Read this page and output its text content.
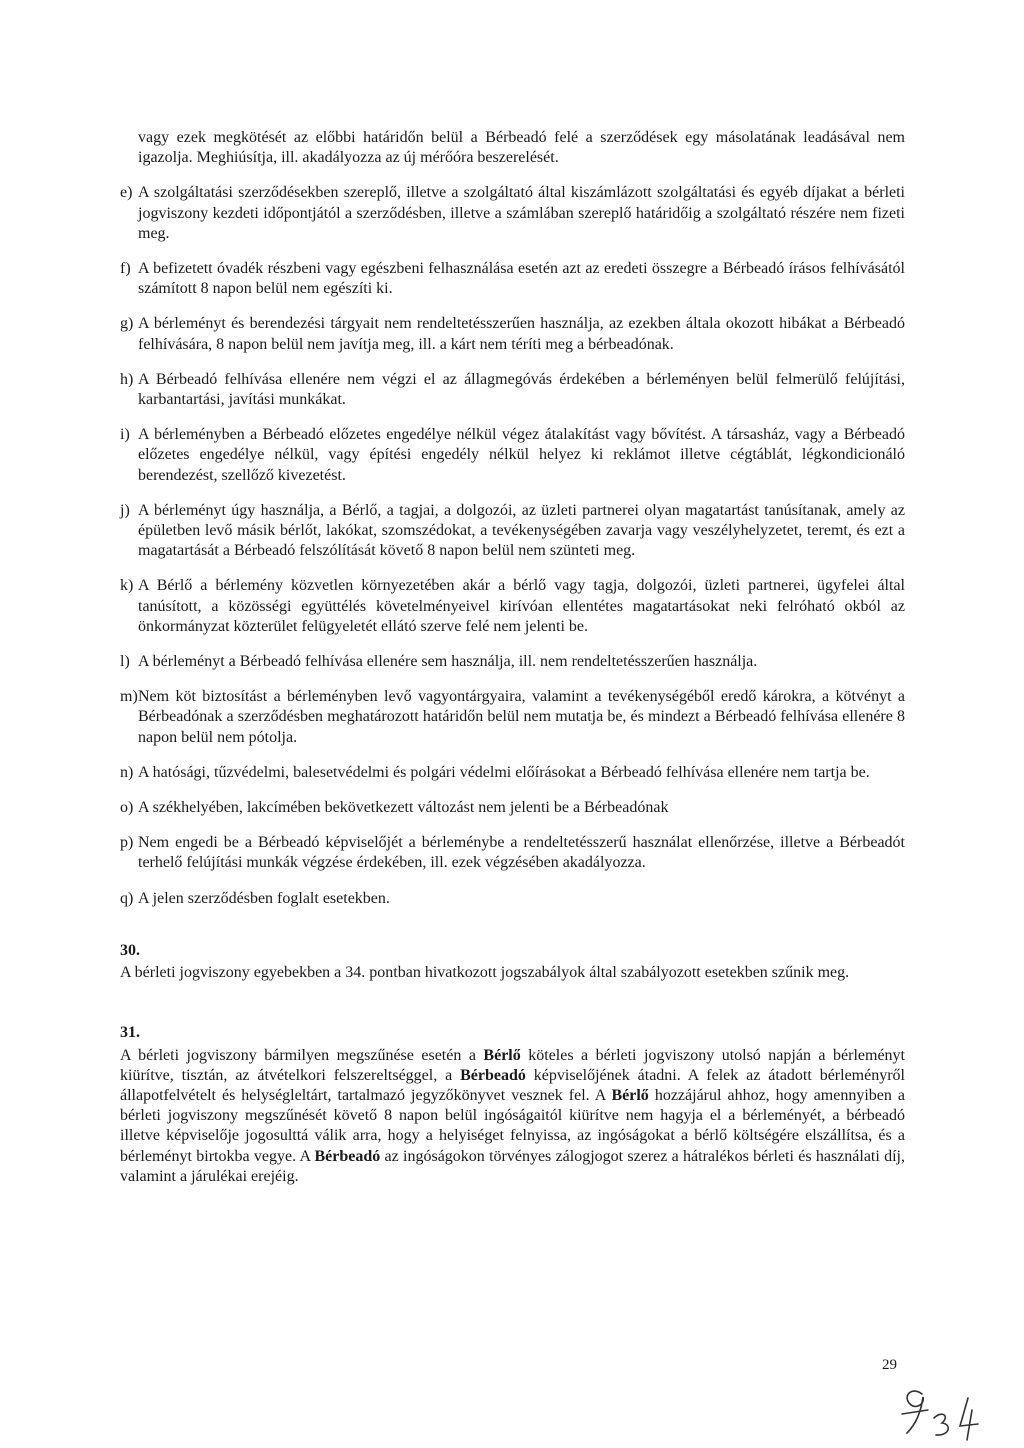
vagy ezek megkötését az előbbi határidőn belül a Bérbeadó felé a szerződések egy másolatának leadásával nem igazolja. Meghiúsítja, ill. akadályozza az új mérőóra beszerelését.

e) A szolgáltatási szerződésekben szereplő, illetve a szolgáltató által kiszámlázott szolgáltatási és egyéb díjakat a bérleti jogviszony kezdeti időpontjától a szerződésben, illetve a számlában szereplő határidőig a szolgáltató részére nem fizeti meg.
f) A befizetett óvadék részbeni vagy egészbeni felhasználása esetén azt az eredeti összegre a Bérbeadó írásos felhívásától számított 8 napon belül nem egészíti ki.
g) A bérleményt és berendezési tárgyait nem rendeltetésszerűen használja, az ezekben általa okozott hibákat a Bérbeadó felhívására, 8 napon belül nem javítja meg, ill. a kárt nem téríti meg a bérbeadónak.
h) A Bérbeadó felhívása ellenére nem végzi el az állagmegóvás érdekében a bérleményen belül felmerülő felújítási, karbantartási, javítási munkákat.
i) A bérleményben a Bérbeadó előzetes engedélye nélkül végez átalakítást vagy bővítést. A társasház, vagy a Bérbeadó előzetes engedélye nélkül, vagy építési engedély nélkül helyez ki reklámot illetve cégtáblát, légkondicionáló berendezést, szellőző kivezetést.
j) A bérleményt úgy használja, a Bérlő, a tagjai, a dolgozói, az üzleti partnerei olyan magatartást tanúsítanak, amely az épületben levő másik bérlőt, lakókat, szomszédokat, a tevékenységében zavarja vagy veszélyhelyzetet, teremt, és ezt a magatartását a Bérbeadó felszólítását követő 8 napon belül nem szünteti meg.
k) A Bérlő a bérlemény közvetlen környezetében akár a bérlő vagy tagja, dolgozói, üzleti partnerei, ügyfelei által tanúsított, a közösségi együttélés követelményeivel kirívóan ellentétes magatartásokat neki felróható okból az önkormányzat közterület felügyeletét ellátó szerve felé nem jelenti be.
l) A bérleményt a Bérbeadó felhívása ellenére sem használja, ill. nem rendeltetésszerűen használja.
m) Nem köt biztosítást a bérleményben levő vagyontárgyaira, valamint a tevékenységéből eredő károkra, a kötvényt a Bérbeadónak a szerződésben meghatározott határidőn belül nem mutatja be, és mindezt a Bérbeadó felhívása ellenére 8 napon belül nem pótolja.
n) A hatósági, tűzvédelmi, balesetvédelmi és polgári védelmi előírásokat a Bérbeadó felhívása ellenére nem tartja be.
o) A székhelyében, lakcímében bekövetkezett változást nem jelenti be a Bérbeadónak
p) Nem engedi be a Bérbeadó képviselőjét a bérleménybe a rendeltetésszerű használat ellenőrzése, illetve a Bérbeadót terhelő felújítási munkák végzése érdekében, ill. ezek végzésében akadályozza.
q) A jelen szerződésben foglalt esetekben.
30.

A bérleti jogviszony egyebekben a 34. pontban hivatkozott jogszabályok által szabályozott esetekben szűnik meg.

31.

A bérleti jogviszony bármilyen megszűnése esetén a Bérlő köteles a bérleti jogviszony utolsó napján a bérleményt kiürítve, tisztán, az átvételkori felszereltséggel, a Bérbeadó képviselőjének átadni. A felek az átadott bérleményről állapotfelvételt és helységleltárt, tartalmazó jegyzőkönyvet vesznek fel. A Bérlő hozzájárul ahhoz, hogy amennyiben a bérleti jogviszony megszűnését követő 8 napon belül ingóságaitól kiürítve nem hagyja el a bérleményét, a bérbeadó illetve képviselője jogosulttá válik arra, hogy a helyiséget felnyissa, az ingóságokat a bérlő költségére elszállítsa, és a bérleményt birtokba vegye. A Bérbeadó az ingóságokon törvényes zálogjogot szerez a hátralékos bérleti és használati díj, valamint a járulékai erejéig.

29
